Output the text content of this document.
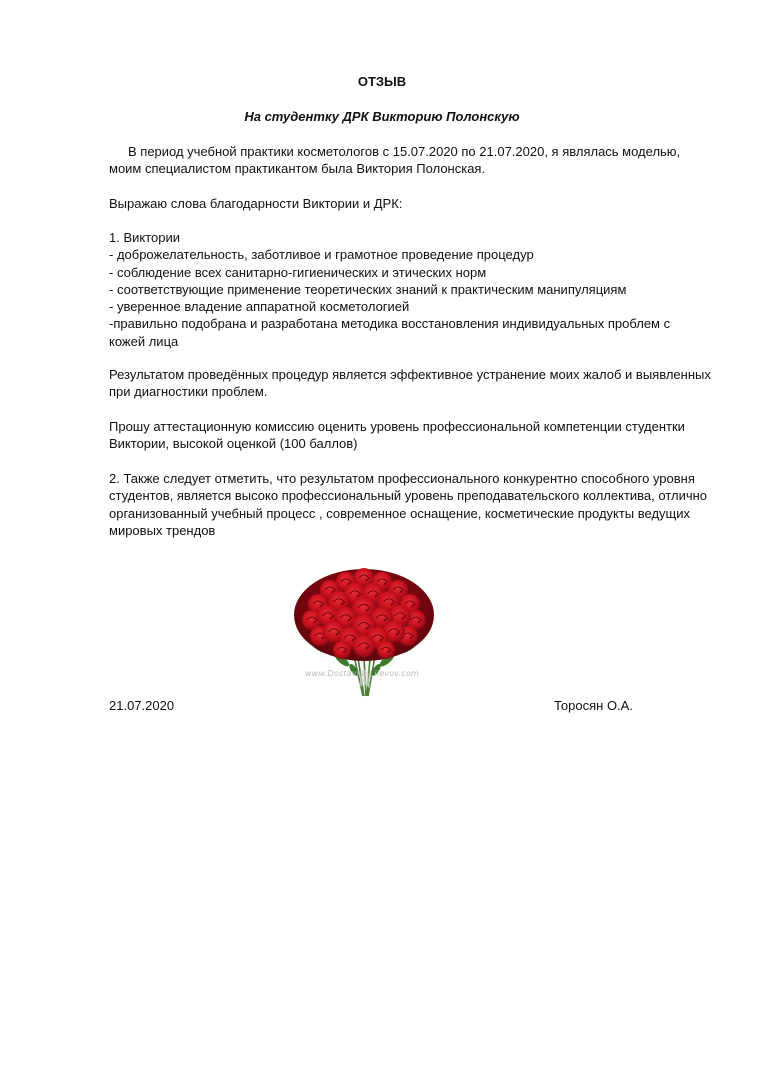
ОТЗЫВ
На студентку ДРК Викторию Полонскую
В период учебной практики косметологов с 15.07.2020 по 21.07.2020, я являлась моделью,
моим специалистом практикантом была Виктория Полонская.
Выражаю слова благодарности Виктории и ДРК:
1. Виктории
- доброжелательность, заботливое и грамотное проведение процедур
- соблюдение всех санитарно-гигиенических и этических норм
- соответствующие применение теоретических знаний к практическим манипуляциям
- уверенное владение аппаратной косметологией
-правильно подобрана и разработана методика восстановления индивидуальных проблем с
кожей лица
Результатом проведённых процедур является эффективное устранение моих жалоб и выявленных
при диагностики проблем.
Прошу аттестационную комиссию оценить уровень профессиональной компетенции студентки
Виктории, высокой оценкой (100 баллов)
2. Также следует отметить, что результатом профессионального конкурентно способного уровня
студентов, является высоко профессиональный уровень преподавательского коллектива, отлично
организованный учебный процесс , современное оснащение, косметические продукты ведущих
мировых трендов
www.Dostavka-Lilevov.com
21.07.2020	Торосян О.А.
